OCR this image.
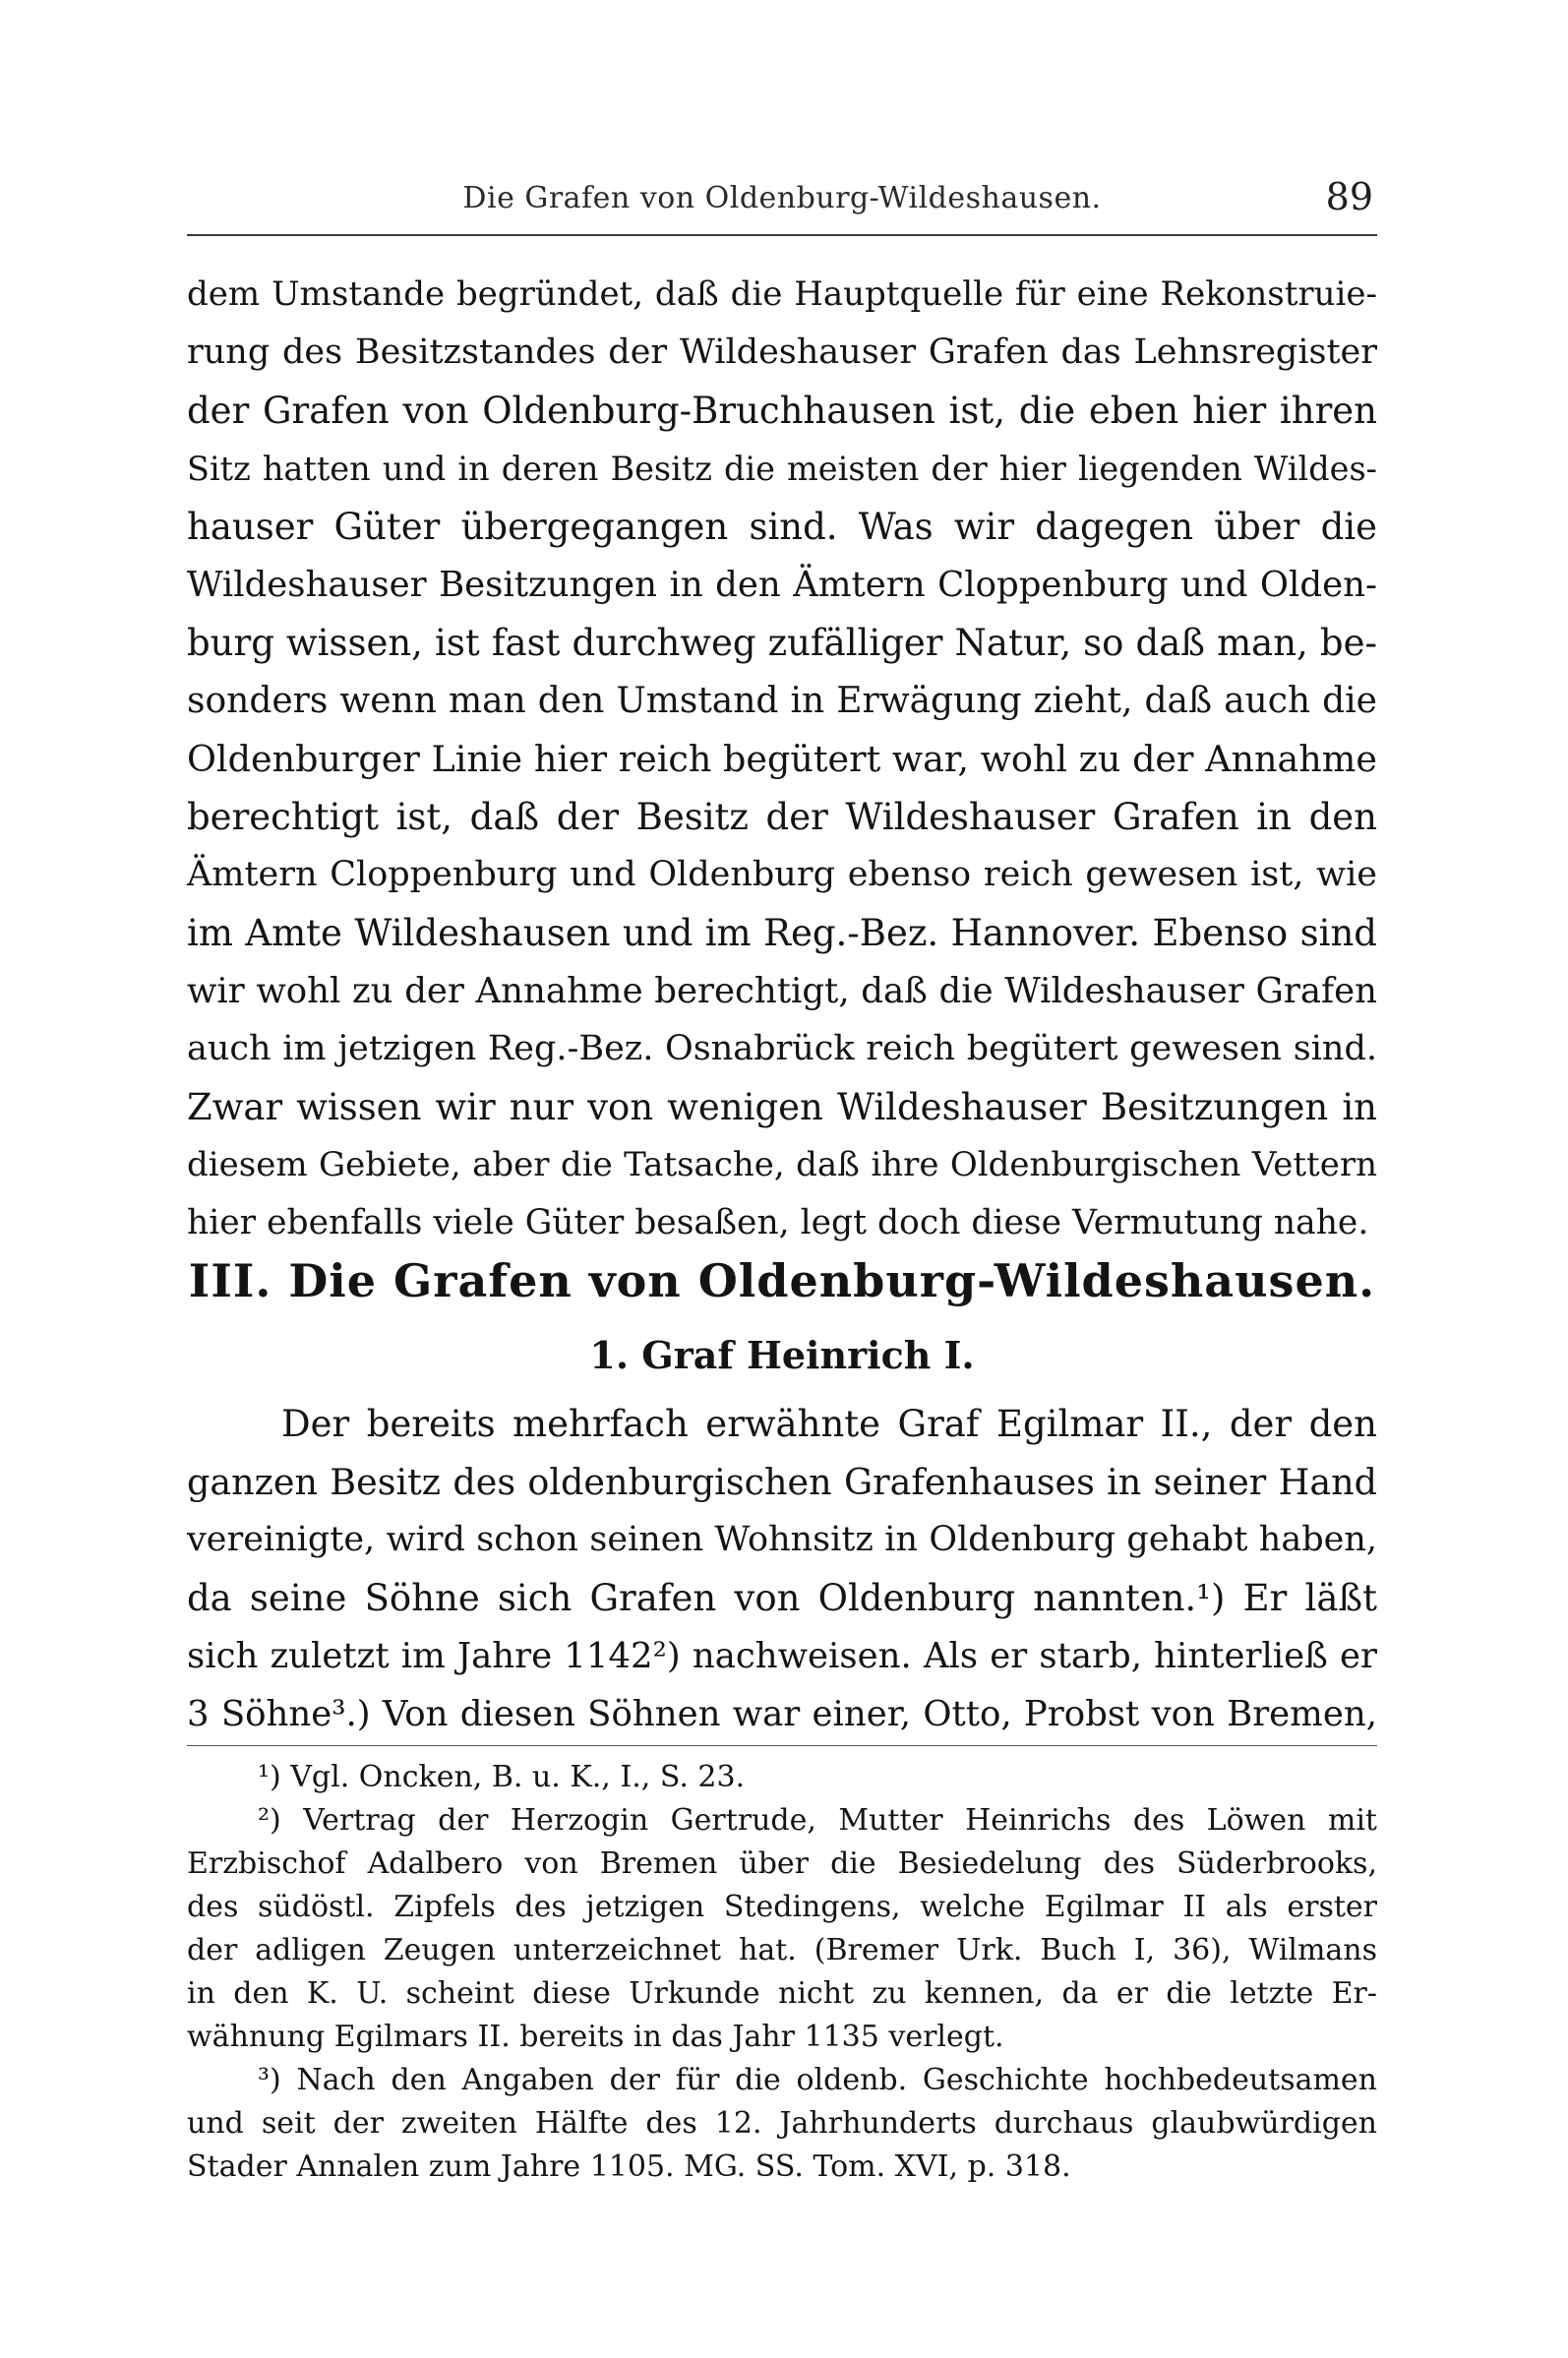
Die Grafen von Oldenburg-Wildeshausen.	89
dem Umstande begründet, daß die Hauptquelle für eine Rekonstruie-
rung des Besitzstandes der Wildeshauser Grafen das Lehnsregister
der Grafen von Oldenburg-Bruchhausen ist, die eben hier ihren
Sitz hatten und in deren Besitz die meisten der hier liegenden Wildes-
hauser Güter übergegangen sind. Was wir dagegen über die
Wildeshauser Besitzungen in den Ämtern Cloppenburg und Olden-
burg wissen, ist fast durchweg zufälliger Natur, so daß man, be-
sonders wenn man den Umstand in Erwägung zieht, daß auch die
Oldenburger Linie hier reich begütert war, wohl zu der Annahme
berechtigt ist, daß der Besitz der Wildeshauser Grafen in den
Ämtern Cloppenburg und Oldenburg ebenso reich gewesen ist, wie
im Amte Wildeshausen und im Reg.-Bez. Hannover. Ebenso sind
wir wohl zu der Annahme berechtigt, daß die Wildeshauser Grafen
auch im jetzigen Reg.-Bez. Osnabrück reich begütert gewesen sind.
Zwar wissen wir nur von wenigen Wildeshauser Besitzungen in
diesem Gebiete, aber die Tatsache, daß ihre Oldenburgischen Vettern
hier ebenfalls viele Güter besaßen, legt doch diese Vermutung nahe.
III. Die Grafen von Oldenburg-Wildeshausen.
1. Graf Heinrich I.
Der bereits mehrfach erwähnte Graf Egilmar II., der den
ganzen Besitz des oldenburgischen Grafenhauses in seiner Hand
vereinigte, wird schon seinen Wohnsitz in Oldenburg gehabt haben,
da seine Söhne sich Grafen von Oldenburg nannten.¹) Er läßt
sich zuletzt im Jahre 1142²) nachweisen. Als er starb, hinterließ er
3 Söhne³.) Von diesen Söhnen war einer, Otto, Probst von Bremen,
¹) Vgl. Oncken, B. u. K., I., S. 23.
²) Vertrag der Herzogin Gertrude, Mutter Heinrichs des Löwen mit
Erzbischof Adalbero von Bremen über die Besiedelung des Süderbrooks,
des südöstl. Zipfels des jetzigen Stedingens, welche Egilmar II als erster
der adligen Zeugen unterzeichnet hat. (Bremer Urk. Buch I, 36), Wilmans
in den K. U. scheint diese Urkunde nicht zu kennen, da er die letzte Er-
wähnung Egilmars II. bereits in das Jahr 1135 verlegt.
³) Nach den Angaben der für die oldenb. Geschichte hochbedeutsamen
und seit der zweiten Hälfte des 12. Jahrhunderts durchaus glaubwürdigen
Stader Annalen zum Jahre 1105. MG. SS. Tom. XVI, p. 318.
